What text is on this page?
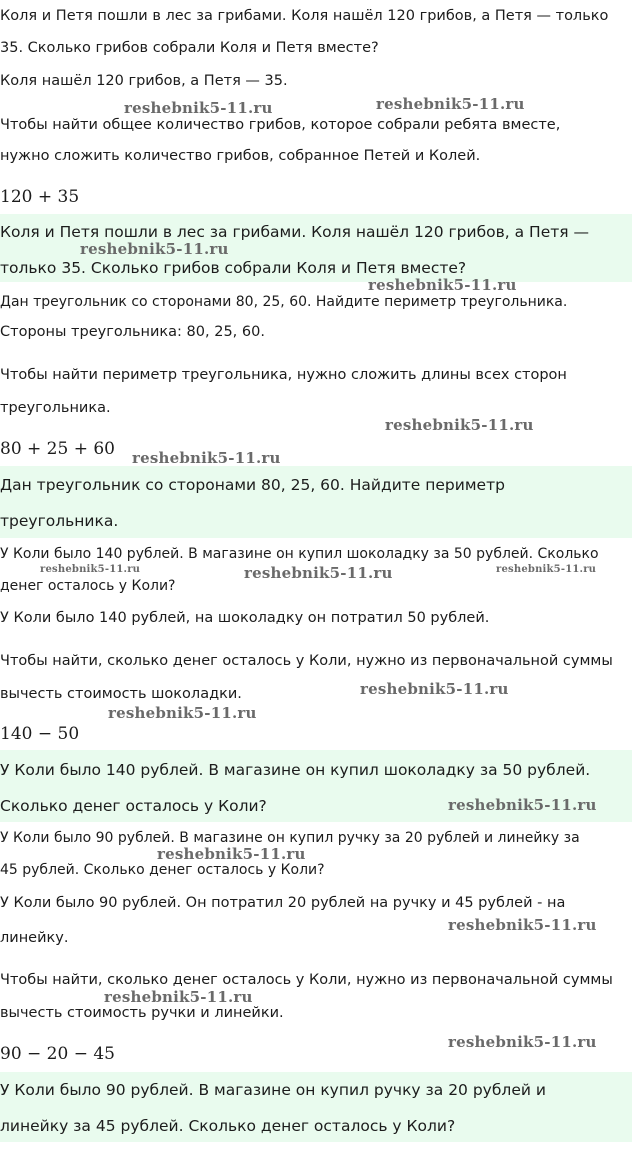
Коля и Петя пошли в лес за грибами. Коля нашёл 120 грибов, а Петя — только
35. Сколько грибов собрали Коля и Петя вместе?
Коля нашёл 120 грибов, а Петя — 35.
Чтобы найти общее количество грибов, которое собрали ребята вместе,
нужно сложить количество грибов, собранное Петей и Колей.
120 + 35
Коля и Петя пошли в лес за грибами. Коля нашёл 120 грибов, а Петя —
только 35. Сколько грибов собрали Коля и Петя вместе?
Дан треугольник со сторонами 80, 25, 60. Найдите периметр треугольника.
Стороны треугольника: 80, 25, 60.
Чтобы найти периметр треугольника, нужно сложить длины всех сторон
треугольника.
80 + 25 + 60
Дан треугольник со сторонами 80, 25, 60. Найдите периметр
треугольника.
У Коли было 140 рублей. В магазине он купил шоколадку за 50 рублей. Сколько
денег осталось у Коли?
У Коли было 140 рублей, на шоколадку он потратил 50 рублей.
Чтобы найти, сколько денег осталось у Коли, нужно из первоначальной суммы
вычесть стоимость шоколадки.
140 − 50
У Коли было 140 рублей. В магазине он купил шоколадку за 50 рублей.
Сколько денег осталось у Коли?
У Коли было 90 рублей. В магазине он купил ручку за 20 рублей и линейку за
45 рублей. Сколько денег осталось у Коли?
У Коли было 90 рублей. Он потратил 20 рублей на ручку и 45 рублей - на
линейку.
Чтобы найти, сколько денег осталось у Коли, нужно из первоначальной суммы
вычесть стоимость ручки и линейки.
90 − 20 − 45
У Коли было 90 рублей. В магазине он купил ручку за 20 рублей и
линейку за 45 рублей. Сколько денег осталось у Коли?
reshebnik5-11.ru	reshebnik5-11.ru
reshebnik5-11.ru
reshebnik5-11.ru
reshebnik5-11.ru
reshebnik5-11.ru
reshebnik5-11.ru	reshebnik5-11.ru	reshebnik5-11.ru
reshebnik5-11.ru
reshebnik5-11.ru
reshebnik5-11.ru
reshebnik5-11.ru
reshebnik5-11.ru
reshebnik5-11.ru
reshebnik5-11.ru
